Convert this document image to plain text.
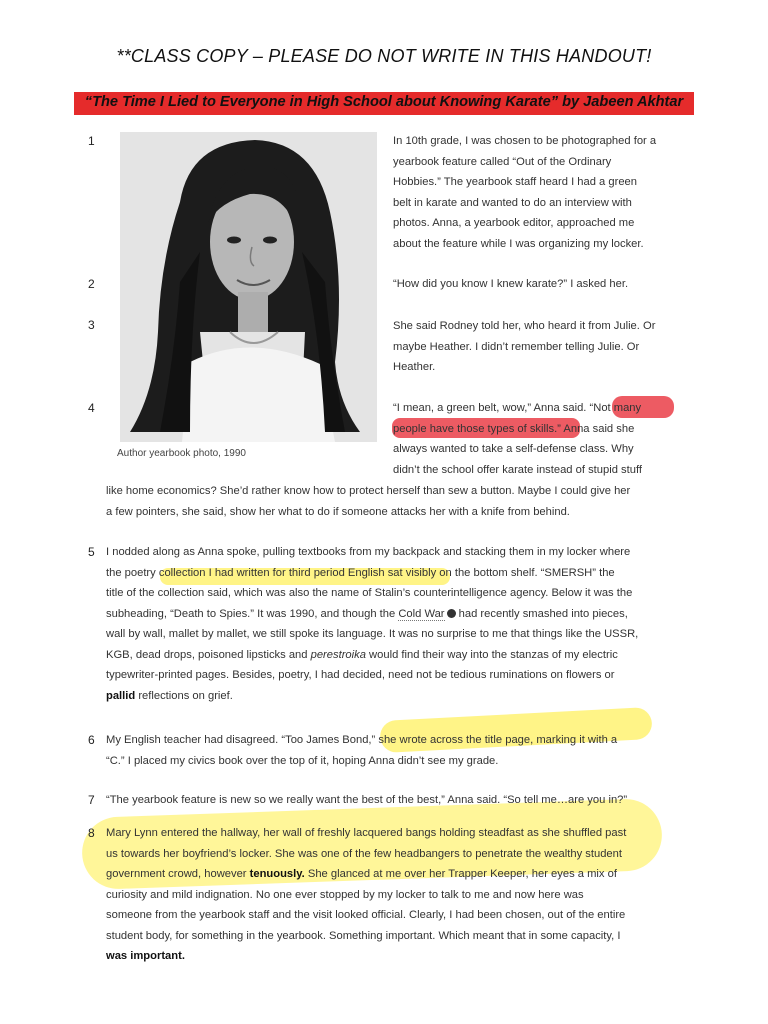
**CLASS COPY – PLEASE DO NOT WRITE IN THIS HANDOUT!
“The Time I Lied to Everyone in High School about Knowing Karate” by Jabeen Akhtar
Author yearbook photo, 1990
1
2
3
4
5
6
7
8
In 10th grade, I was chosen to be photographed for a
yearbook feature called “Out of the Ordinary
Hobbies.” The yearbook staff heard I had a green
belt in karate and wanted to do an interview with
photos. Anna, a yearbook editor, approached me
about the feature while I was organizing my locker.
“How did you know I knew karate?” I asked her.
She said Rodney told her, who heard it from Julie. Or
maybe Heather. I didn’t remember telling Julie. Or
Heather.
“I mean, a green belt, wow,” Anna said. “Not many
people have those types of skills.” Anna said she
always wanted to take a self-defense class. Why
didn’t the school offer karate instead of stupid stuff
like home economics? She’d rather know how to protect herself than sew a button. Maybe I could give her
a few pointers, she said, show her what to do if someone attacks her with a knife from behind.
I nodded along as Anna spoke, pulling textbooks from my backpack and stacking them in my locker where
the poetry collection I had written for third period English sat visibly on the bottom shelf. “SMERSH” the
title of the collection said, which was also the name of Stalin’s counterintelligence agency. Below it was the
subheading, “Death to Spies.” It was 1990, and though the Cold War had recently smashed into pieces,
wall by wall, mallet by mallet, we still spoke its language. It was no surprise to me that things like the USSR,
KGB, dead drops, poisoned lipsticks and perestroika would find their way into the stanzas of my electric
typewriter-printed pages. Besides, poetry, I had decided, need not be tedious ruminations on flowers or
pallid reflections on grief.
My English teacher had disagreed. “Too James Bond,” she wrote across the title page, marking it with a
“C.” I placed my civics book over the top of it, hoping Anna didn’t see my grade.
“The yearbook feature is new so we really want the best of the best,” Anna said. “So tell me…are you in?”
Mary Lynn entered the hallway, her wall of freshly lacquered bangs holding steadfast as she shuffled past
us towards her boyfriend’s locker. She was one of the few headbangers to penetrate the wealthy student
government crowd, however tenuously. She glanced at me over her Trapper Keeper, her eyes a mix of
curiosity and mild indignation. No one ever stopped by my locker to talk to me and now here was
someone from the yearbook staff and the visit looked official. Clearly, I had been chosen, out of the entire
student body, for something in the yearbook. Something important. Which meant that in some capacity, I
was important.
